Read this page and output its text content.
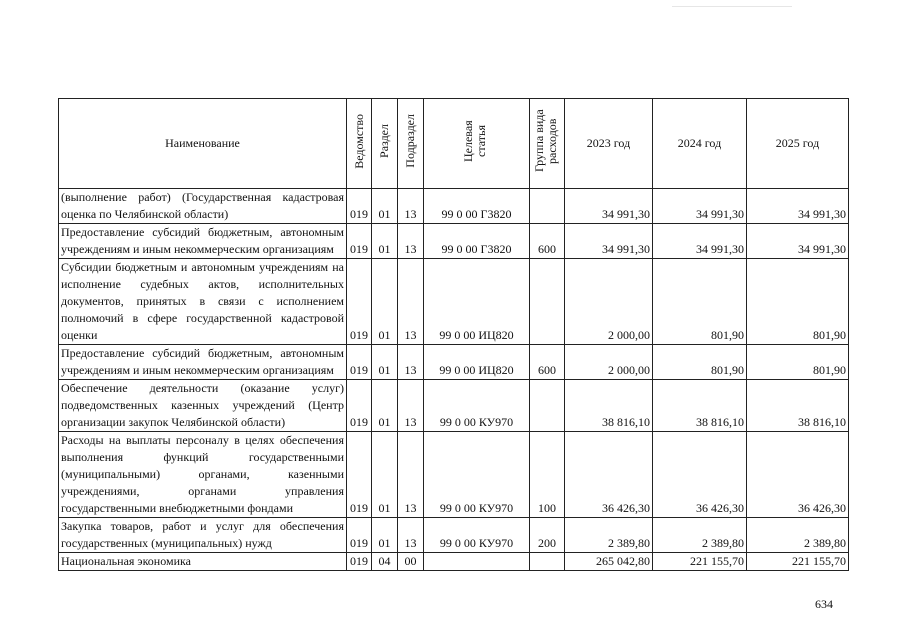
Наименование	Ведомство	Раздел	Подраздел	Целевая статья	Группа вида расходов	2023 год	2024 год	2025 год
(выполнение работ) (Государственная кадастровая оценка по Челябинской области)	019	01	13	99 0 00 Г3820		34 991,30	34 991,30	34 991,30
Предоставление субсидий бюджетным, автономным учреждениям и иным некоммерческим организациям	019	01	13	99 0 00 Г3820	600	34 991,30	34 991,30	34 991,30
Субсидии бюджетным и автономным учреждениям на исполнение судебных актов, исполнительных документов, принятых в связи с исполнением полномочий в сфере государственной кадастровой оценки	019	01	13	99 0 00 ИЦ820		2 000,00	801,90	801,90
Предоставление субсидий бюджетным, автономным учреждениям и иным некоммерческим организациям	019	01	13	99 0 00 ИЦ820	600	2 000,00	801,90	801,90
Обеспечение деятельности (оказание услуг) подведомственных казенных учреждений (Центр организации закупок Челябинской области)	019	01	13	99 0 00 КУ970		38 816,10	38 816,10	38 816,10
Расходы на выплаты персоналу в целях обеспечения выполнения функций государственными (муниципальными) органами, казенными учреждениями, органами управления государственными внебюджетными фондами	019	01	13	99 0 00 КУ970	100	36 426,30	36 426,30	36 426,30
Закупка товаров, работ и услуг для обеспечения государственных (муниципальных) нужд	019	01	13	99 0 00 КУ970	200	2 389,80	2 389,80	2 389,80
Национальная экономика	019	04	00			265 042,80	221 155,70	221 155,70
634
